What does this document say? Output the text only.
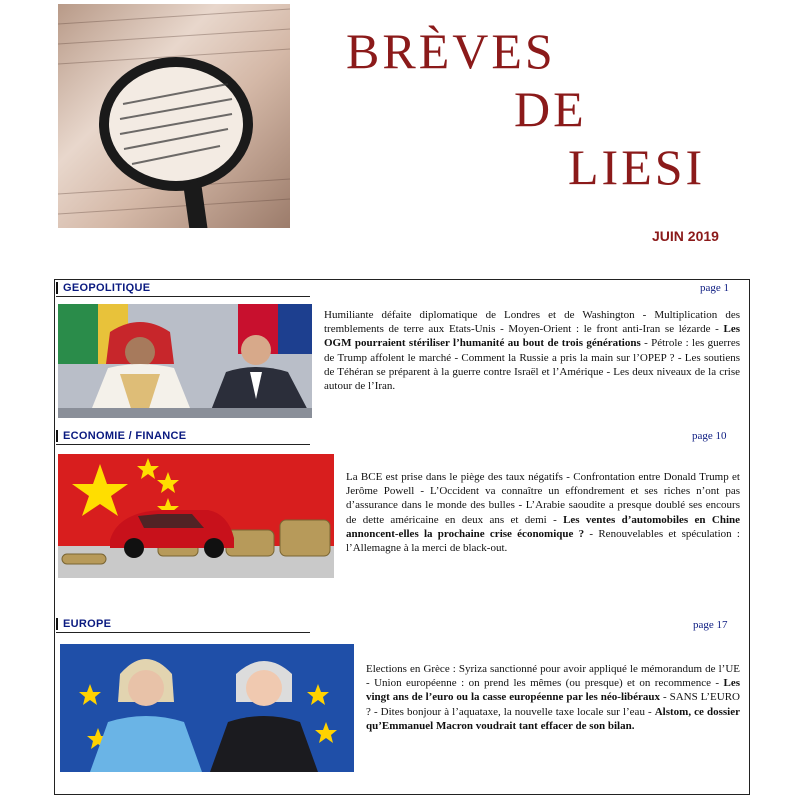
BRÈVES
DE
LIESI
JUIN 2019
GEOPOLITIQUE	page 1
Humiliante défaite diplomatique de Londres et de Washington - Multiplication des tremblements de terre aux Etats-Unis - Moyen-Orient : le front anti-Iran se lézarde - Les OGM pourraient stériliser l’humanité au bout de trois générations - Pétrole : les guerres de Trump affolent le marché - Comment la Russie a pris la main sur l’OPEP ? - Les soutiens de Téhéran se préparent à la guerre contre Israël et l’Amérique - Les deux niveaux de la crise autour de l’Iran.
ECONOMIE / FINANCE	page 10
La BCE est prise dans le piège des taux négatifs - Confrontation entre Donald Trump et Jerôme Powell - L’Occident va connaître un effondrement et ses riches n’ont pas d’assurance dans le monde des bulles - L’Arabie saoudite a presque doublé ses encours de dette américaine en deux ans et demi - Les ventes d’automobiles en Chine annoncent-elles la prochaine crise économique ? - Renouvelables et spéculation : l’Allemagne à la merci de black-out.
EUROPE	page 17
Elections en Grèce : Syriza sanctionné pour avoir appliqué le mémorandum de l’UE - Union européenne : on prend les mêmes (ou presque) et on recommence - Les vingt ans de l’euro ou la casse européenne par les néo-libéraux - SANS L’EURO ? - Dites bonjour à l’aquataxe, la nouvelle taxe locale sur l’eau - Alstom, ce dossier qu’Emmanuel Macron voudrait tant effacer de son bilan.
